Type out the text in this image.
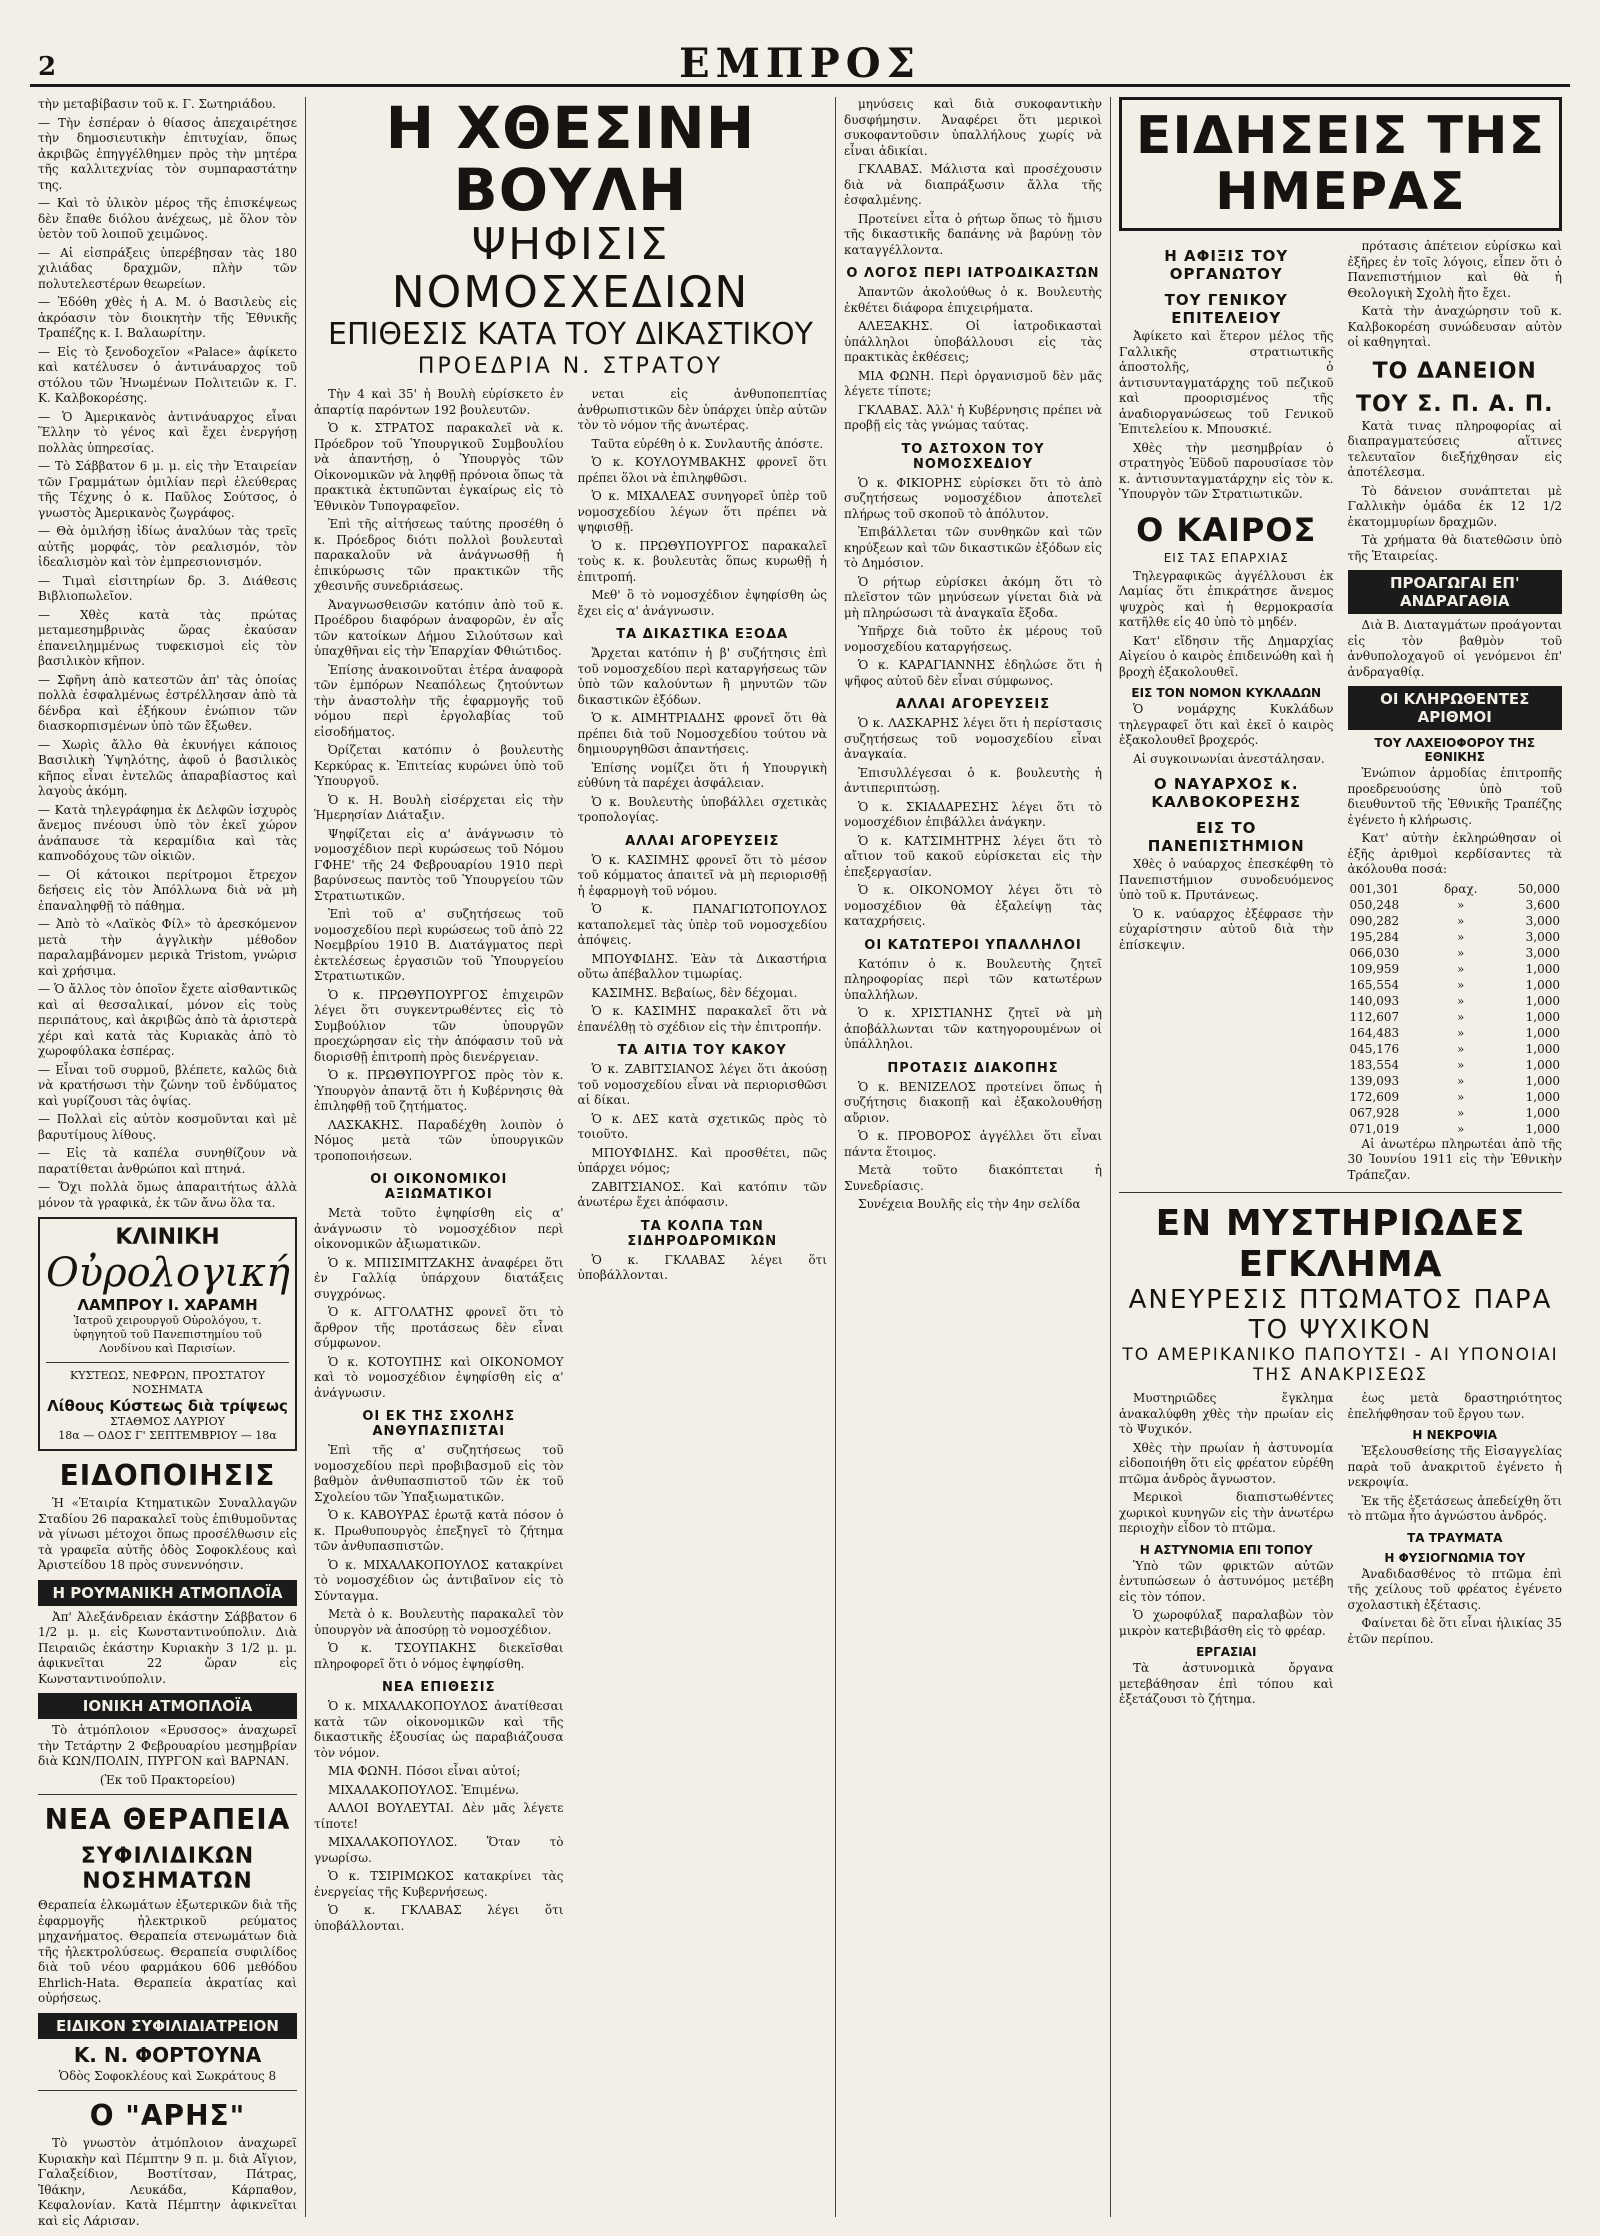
2	ΕΜΠΡΟΣ

τὴν μεταβίβασιν τοῦ κ. Γ. Σωτηριάδου.

— Τὴν ἑσπέραν ὁ θίασος ἀπεχαιρέτησε τὴν δημοσιευτικὴν ἐπιτυχίαν, ὅπως ἀκριβῶς ἐπηγγέλθημεν πρὸς τὴν μητέρα τῆς καλλιτεχνίας τὸν συμπαραστάτην της.

— Καὶ τὸ ὑλικὸν μέρος τῆς ἐπισκέψεως δὲν ἔπαθε διόλου ἀνέχεως, μὲ ὅλον τὸν ὑετὸν τοῦ λοιποῦ χειμῶνος.

— Αἱ εἰσπράξεις ὑπερέβησαν τὰς 180 χιλιάδας δραχμῶν, πλὴν τῶν πολυτελεστέρων θεωρείων.

— Ἐδόθη χθὲς ἡ Α. Μ. ὁ Βασιλεὺς εἰς ἀκρόασιν τὸν διοικητὴν τῆς Ἐθνικῆς Τραπέζης κ. Ι. Βαλαωρίτην.

— Εἰς τὸ ξενοδοχεῖον «Palace» ἀφίκετο καὶ κατέλυσεν ὁ ἀντινάυαρχος τοῦ στόλου τῶν Ἡνωμένων Πολιτειῶν κ. Γ. Κ. Καλβοκορέσης.

— Ὁ Ἀμερικανὸς ἀντινάυαρχος εἶναι Ἕλλην τὸ γένος καὶ ἔχει ἐνεργήσῃ πολλὰς ὑπηρεσίας.

— Τὸ Σάββατον 6 μ. μ. εἰς τὴν Ἑταιρείαν τῶν Γραμμάτων ὁμιλίαν περὶ ἐλεύθερας τῆς Τέχνης ὁ κ. Παῦλος Σούτσος, ὁ γνωστὸς Ἀμερικανὸς ζωγράφος.

— Θὰ ὁμιλήσῃ ἰδίως ἀναλύων τὰς τρεῖς αὐτῆς μορφάς, τὸν ρεαλισμόν, τὸν ἰδεαλισμὸν καὶ τὸν ἐμπρεσιονισμόν.

— Τιμαὶ εἰσιτηρίων δρ. 3. Διάθεσις Βιβλιοπωλεῖον.

— Χθὲς κατὰ τὰς πρώτας μεταμεσημβρινὰς ὥρας ἐκαύσαν ἐπανειλημμένως τυφεκισμοὶ εἰς τὸν βασιλικὸν κῆπον.

— Σφῆνη ἀπὸ κατεστῶν ἀπ' τὰς ὁποίας πολλὰ ἐσφαλμένως ἐστρέλλησαν ἀπὸ τὰ δένδρα καὶ ἐξήκουν ἐνώπιον τῶν διασκορπισμένων ὑπὸ τῶν ἔξωθεν.

— Χωρὶς ἄλλο θὰ ἐκυνήγει κάποιος Βασιλικὴ Ὑψηλότης, ἀφοῦ ὁ βασιλικὸς κῆπος εἶναι ἐντελῶς ἀπαραβίαστος καὶ λαγοὺς ἀκόμη.

— Κατὰ τηλεγράφημα ἐκ Δελφῶν ἰσχυρὸς ἄνεμος πνέουσι ὑπὸ τὸν ἐκεῖ χώρον ἀνάπαυσε τὰ κεραμίδια καὶ τὰς καπνοδόχους τῶν οἰκιῶν.

— Οἱ κάτοικοι περίτρομοι ἔτρεχον δεήσεις εἰς τὸν Ἀπόλλωνα διὰ νὰ μὴ ἐπαναληφθῇ τὸ πάθημα.

— Ἀπὸ τὸ «Λαϊκὸς Φίλ» τὸ ἀρεσκόμενον μετὰ τὴν ἀγγλικὴν μέθοδον παραλαμβάνομεν μερικὰ Tristom, γνώρισ καὶ χρήσιμα.

— Ὁ ἄλλος τὸν ὁποῖον ἔχετε αἰσθαντικῶς καὶ αἱ θεσσαλικαί, μόνον εἰς τοὺς περιπάτους, καὶ ἀκριβῶς ἀπὸ τὰ ἀριστερὰ χέρι καὶ κατὰ τὰς Κυριακὰς ἀπὸ τὸ χωροφύλακα ἐσπέρας.

— Εἶναι τοῦ συρμοῦ, βλέπετε, καλῶς διὰ νὰ κρατήσωσι τὴν ζώνην τοῦ ἐνδύματος καὶ γυρίζουσι τὰς ὀψίας.

— Πολλαὶ εἰς αὐτὸν κοσμοῦνται καὶ μὲ βαρυτίμους λίθους.

— Εἰς τὰ καπέλα συνηθίζουν νὰ παρατίθεται ἀνθρώποι καὶ πτηνά.

— Ὅχι πολλὰ ὅμως ἀπαραιτήτως ἀλλὰ μόνον τὰ γραφικὰ, ἐκ τῶν ἄνω ὅλα τα.

ΚΛΙΝΙΚΗ
Οὐρολογική
ΛΑΜΠΡΟΥ Ι. ΧΑΡΑΜΗ
Ἰατροῦ χειρουργοῦ Οὐρολόγου, τ. ὑφηγητοῦ τοῦ Πανεπιστημίου τοῦ Λονδίνου καὶ Παρισίων.
ΚΥΣΤΕΩΣ, ΝΕΦΡΩΝ, ΠΡΟΣΤΑΤΟΥ ΝΟΣΗΜΑΤΑ
Λίθους Κύστεως διὰ τρίψεως
ΣΤΑΘΜΟΣ ΛΑΥΡΙΟΥ
18α — ΟΔΟΣ Γ' ΣΕΠΤΕΜΒΡΙΟΥ — 18α
ΕΙΔΟΠΟΙΗΣΙΣ

Ἡ «Ἑταιρία Κτηματικῶν Συναλλαγῶν Σταδίου 26 παρακαλεῖ τοὺς ἐπιθυμοῦντας νὰ γίνωσι μέτοχοι ὅπως προσέλθωσιν εἰς τὰ γραφεῖα αὐτῆς ὁδὸς Σοφοκλέους καὶ Ἀριστείδου 18 πρὸς συνεννόησιν.

Η ΡΟΥΜΑΝΙΚΗ ΑΤΜΟΠΛΟΪΑ

Ἀπ' Ἀλεξάνδρειαν ἑκάστην Σάββατον 6 1/2 μ. μ. εἰς Κωνσταντινούπολιν. Διὰ Πειραιῶς ἑκάστην Κυριακὴν 3 1/2 μ. μ. ἀφικνεῖται 22 ὥραν εἰς Κωνσταντινούπολιν.

ΙΟΝΙΚΗ ΑΤΜΟΠΛΟΪΑ

Τὸ ἀτμόπλοιον «Ερυσσος» ἀναχωρεῖ τὴν Τετάρτην 2 Φεβρουαρίου μεσημβρίαν διὰ ΚΩΝ/ΠΟΛΙΝ, ΠΥΡΓΟΝ καὶ ΒΑΡΝΑΝ.

(Ἐκ τοῦ Πρακτορείου)

ΝΕΑ ΘΕΡΑΠΕΙΑ
ΣΥΦΙΛΙΔΙΚΩΝ ΝΟΣΗΜΑΤΩΝ

Θεραπεία ἑλκωμάτων ἐξωτερικῶν διὰ τῆς ἐφαρμογῆς ἠλεκτρικοῦ ρεύματος μηχανήματος. Θεραπεία στενωμάτων διὰ τῆς ἠλεκτρολύσεως. Θεραπεία συφιλίδος διὰ τοῦ νέου φαρμάκου 606 μεθόδου Ehrlich-Hata. Θεραπεία ἀκρατίας καὶ οὐρήσεως.

ΕΙΔΙΚΟΝ ΣΥΦΙΛΙΔΙΑΤΡΕΙΟΝ
Κ. Ν. ΦΟΡΤΟΥΝΑ

Ὁδὸς Σοφοκλέους καὶ Σωκράτους 8

Ο "ΑΡΗΣ"

Τὸ γνωστὸν ἀτμόπλοιον ἀναχωρεῖ Κυριακὴν καὶ Πέμπτην 9 π. μ. διὰ Αἴγιον, Γαλαξείδιον, Βοστίτσαν, Πάτρας, Ἰθάκην, Λευκάδα, Κάρπαθον, Κεφαλονίαν. Κατὰ Πέμπτην ἀφικνεῖται καὶ εἰς Λάρισαν.

Η ΧΘΕΣΙΝΗ ΒΟΥΛΗ
ΨΗΦΙΣΙΣ ΝΟΜΟΣΧΕΔΙΩΝ
ΕΠΙΘΕΣΙΣ ΚΑΤΑ ΤΟΥ ΔΙΚΑΣΤΙΚΟΥ
ΠΡΟΕΔΡΙΑ Ν. ΣΤΡΑΤΟΥ

Τὴν 4 καὶ 35' ἡ Βουλὴ εὑρίσκετο ἐν ἀπαρτίᾳ παρόντων 192 βουλευτῶν.

Ὁ κ. ΣΤΡΑΤΟΣ παρακαλεῖ νὰ κ. Πρόεδρον τοῦ Ὑπουργικοῦ Συμβουλίου νὰ ἀπαντήσῃ, ὁ Ὑπουργὸς τῶν Οἰκονομικῶν νὰ ληφθῇ πρόνοια ὅπως τὰ πρακτικὰ ἐκτυπῶνται ἐγκαίρως εἰς τὸ Ἐθνικὸν Τυπογραφεῖον.

Ἐπὶ τῆς αἰτήσεως ταύτης προσέθη ὁ κ. Πρόεδρος διότι πολλοὶ βουλευταὶ παρακαλοῦν νὰ ἀνάγνωσθῇ ἡ ἐπικύρωσις τῶν πρακτικῶν τῆς χθεσινῆς συνεδριάσεως.

Ἀναγνωσθεισῶν κατόπιν ἀπὸ τοῦ κ. Προέδρου διαφόρων ἀναφορῶν, ἐν αἷς τῶν κατοίκων Δήμου Σιλούτσων καὶ ὑπαχθῆναι εἰς τὴν Ἐπαρχίαν Φθιώτιδος.

Ἐπίσης ἀνακοινοῦται ἑτέρα ἀναφορὰ τῶν ἐμπόρων Νεαπόλεως ζητούντων τὴν ἀναστολὴν τῆς ἐφαρμογῆς τοῦ νόμου περὶ ἐργολαβίας τοῦ εἰσοδήματος.

Ὀρίζεται κατόπιν ὁ βουλευτὴς Κερκύρας κ. Ἐπιτείας κυρώνει ὑπὸ τοῦ Ὑπουργοῦ.

Ὁ κ. Η. Βουλὴ εἰσέρχεται εἰς τὴν Ἡμερησίαν Διάταξιν.

Ψηφίζεται εἰς α' ἀνάγνωσιν τὸ νομοσχέδιον περὶ κυρώσεως τοῦ Νόμου ΓΦΗΕ' τῆς 24 Φεβρουαρίου 1910 περὶ βαρύνσεως παντὸς τοῦ Ὑπουργείου τῶν Στρατιωτικῶν.

Ἐπὶ τοῦ α' συζητήσεως τοῦ νομοσχεδίου περὶ κυρώσεως τοῦ ἀπὸ 22 Νοεμβρίου 1910 Β. Διατάγματος περὶ ἐκτελέσεως ἐργασιῶν τοῦ Ὑπουργείου Στρατιωτικῶν.

Ὁ κ. ΠΡΩΘΥΠΟΥΡΓΟΣ ἐπιχειρῶν λέγει ὅτι συγκεντρωθέντες εἰς τὸ Συμβούλιον τῶν ὑπουργῶν προεχώρησαν εἰς τὴν ἀπόφασιν τοῦ νὰ διορισθῇ ἐπιτροπὴ πρὸς διενέργειαν.

Ὁ κ. ΠΡΩΘΥΠΟΥΡΓΟΣ πρὸς τὸν κ. Ὑπουργὸν ἀπαντᾷ ὅτι ἡ Κυβέρνησις θὰ ἐπιληφθῇ τοῦ ζητήματος.

ΛΑΣΚΑΚΗΣ. Παραδέχθη λοιπὸν ὁ Νόμος μετὰ τῶν ὑπουργικῶν τροποποιήσεων.

ΟΙ ΟΙΚΟΝΟΜΙΚΟΙ ΑΞΙΩΜΑΤΙΚΟΙ

Μετὰ τοῦτο ἐψηφίσθη εἰς α' ἀνάγνωσιν τὸ νομοσχέδιον περὶ οἰκονομικῶν ἀξιωματικῶν.

Ὁ κ. ΜΠΙΣΙΜΙΤΖΑΚΗΣ ἀναφέρει ὅτι ἐν Γαλλίᾳ ὑπάρχουν διατάξεις συγχρόνως.

Ὁ κ. ΑΓΓΟΛΑΤΗΣ φρονεῖ ὅτι τὸ ἄρθρον τῆς προτάσεως δὲν εἶναι σύμφωνον.

Ὁ κ. ΚΟΤΟΥΠΗΣ καὶ ΟΙΚΟΝΟΜΟΥ καὶ τὸ νομοσχέδιον ἐψηφίσθη εἰς α' ἀνάγνωσιν.

ΟΙ ΕΚ ΤΗΣ ΣΧΟΛΗΣ ΑΝΘΥΠΑΣΠΙΣΤΑΙ

Ἐπὶ τῆς α' συζητήσεως τοῦ νομοσχεδίου περὶ προβιβασμοῦ εἰς τὸν βαθμὸν ἀνθυπασπιστοῦ τῶν ἐκ τοῦ Σχολείου τῶν Ὑπαξιωματικῶν.

Ὁ κ. ΚΑΒΟΥΡΑΣ ἐρωτᾷ κατὰ πόσον ὁ κ. Πρωθυπουργὸς ἐπεξηγεῖ τὸ ζήτημα τῶν ἀνθυπασπιστῶν.

Ὁ κ. ΜΙΧΑΛΑΚΟΠΟΥΛΟΣ κατακρίνει τὸ νομοσχέδιον ὡς ἀντιβαῖνον εἰς τὸ Σύνταγμα.

Μετὰ ὁ κ. Βουλευτὴς παρακαλεῖ τὸν ὑπουργὸν νὰ ἀποσύρῃ τὸ νομοσχέδιον.

Ὁ κ. ΤΣΟΥΠΑΚΗΣ διεκεῖσθαι πληροφορεῖ ὅτι ὁ νόμος ἐψηφίσθη.

ΝΕΑ ΕΠΙΘΕΣΙΣ

Ὁ κ. ΜΙΧΑΛΑΚΟΠΟΥΛΟΣ ἀνατίθεσαι κατὰ τῶν οἰκονομικῶν καὶ τῆς δικαστικῆς ἐξουσίας ὡς παραβιάζουσα τὸν νόμον.

ΜΙΑ ΦΩΝΗ. Πόσοι εἶναι αὐτοί;

ΜΙΧΑΛΑΚΟΠΟΥΛΟΣ. Ἐπιμένω.

ΑΛΛΟΙ ΒΟΥΛΕΥΤΑΙ. Δὲν μᾶς λέγετε τίποτε!

ΜΙΧΑΛΑΚΟΠΟΥΛΟΣ. Ὅταν τὸ γνωρίσω.

Ὁ κ. ΤΣΙΡΙΜΩΚΟΣ κατακρίνει τὰς ἐνεργείας τῆς Κυβερνήσεως.

Ὁ κ. ΓΚΛΑΒΑΣ λέγει ὅτι ὑποβάλλονται.

νεται εἰς ἀνθυποπεπτίας ἀνθρωπιστικῶν δὲν ὑπάρχει ὑπὲρ αὐτῶν τὸν τὸ νόμον τῆς ἀνωτέρας.

Ταῦτα εὑρέθη ὁ κ. Συνλαυτῆς ἀπόστε.

Ὁ κ. ΚΟΥΛΟΥΜΒΑΚΗΣ φρονεῖ ὅτι πρέπει ὅλοι νὰ ἐπιληφθῶσι.

Ὁ κ. ΜΙΧΑΛΕΑΣ συνηγορεῖ ὑπὲρ τοῦ νομοσχεδίου λέγων ὅτι πρέπει νὰ ψηφισθῇ.

Ὁ κ. ΠΡΩΘΥΠΟΥΡΓΟΣ παρακαλεῖ τοὺς κ. κ. βουλευτὰς ὅπως κυρωθῇ ἡ ἐπιτροπή.

Μεθ' ὃ τὸ νομοσχέδιον ἐψηφίσθη ὡς ἔχει εἰς α' ἀνάγνωσιν.

ΤΑ ΔΙΚΑΣΤΙΚΑ ΕΞΟΔΑ

Ἄρχεται κατόπιν ἡ β' συζήτησις ἐπὶ τοῦ νομοσχεδίου περὶ καταργήσεως τῶν ὑπὸ τῶν καλούντων ἢ μηνυτῶν τῶν δικαστικῶν ἐξόδων.

Ὁ κ. ΑΙΜΗΤΡΙΑΔΗΣ φρονεῖ ὅτι θὰ πρέπει διὰ τοῦ Νομοσχεδίου τούτου νὰ δημιουργηθῶσι ἀπαντήσεις.

Ἐπίσης νομίζει ὅτι ἡ Υπουργικὴ εὐθύνη τὰ παρέχει ἀσφάλειαν.

Ὁ κ. Βουλευτὴς ὑποβάλλει σχετικὰς τροπολογίας.

ΑΛΛΑΙ ΑΓΟΡΕΥΣΕΙΣ

Ὁ κ. ΚΑΣΙΜΗΣ φρονεῖ ὅτι τὸ μέσον τοῦ κόμματος ἀπαιτεῖ νὰ μὴ περιορισθῇ ἡ ἐφαρμογὴ τοῦ νόμου.

Ὁ κ. ΠΑΝΑΓΙΩΤΟΠΟΥΛΟΣ καταπολεμεῖ τὰς ὑπὲρ τοῦ νομοσχεδίου ἀπόψεις.

ΜΠΟΥΦΙΔΗΣ. Ἐὰν τὰ Δικαστήρια οὕτω ἀπέβαλλον τιμωρίας.

ΚΑΣΙΜΗΣ. Βεβαίως, δὲν δέχομαι.

Ὁ κ. ΚΑΣΙΜΗΣ παρακαλεῖ ὅτι νὰ ἐπανέλθῃ τὸ σχέδιον εἰς τὴν ἐπιτροπήν.

ΤΑ ΑΙΤΙΑ ΤΟΥ ΚΑΚΟΥ

Ὁ κ. ΖΑΒΙΤΣΙΑΝΟΣ λέγει ὅτι ἀκούσῃ τοῦ νομοσχεδίου εἶναι νὰ περιορισθῶσι αἱ δίκαι.

Ὁ κ. ΔΕΣ κατὰ σχετικῶς πρὸς τὸ τοιοῦτο.

ΜΠΟΥΦΙΔΗΣ. Καὶ προσθέτει, πῶς ὑπάρχει νόμος;

ΖΑΒΙΤΣΙΑΝΟΣ. Καὶ κατόπιν τῶν ἀνωτέρω ἔχει ἀπόφασιν.

ΤΑ ΚΟΛΠΑ ΤΩΝ ΣΙΔΗΡΟΔΡΟΜΙΚΩΝ

Ὁ κ. ΓΚΛΑΒΑΣ λέγει ὅτι ὑποβάλλονται.

μηνύσεις καὶ διὰ συκοφαντικὴν δυσφήμησιν. Ἀναφέρει ὅτι μερικοὶ συκοφαντοῦσιν ὑπαλλήλους χωρίς νὰ εἶναι ἀδικίαι.

ΓΚΛΑΒΑΣ. Μάλιστα καὶ προσέχουσιν διὰ νὰ διαπράξωσιν ἄλλα τῆς ἐσφαλμένης.

Προτείνει εἶτα ὁ ρήτωρ ὅπως τὸ ἥμισυ τῆς δικαστικῆς δαπάνης νὰ βαρύνῃ τὸν καταγγέλλοντα.

Ο ΛΟΓΟΣ ΠΕΡΙ ΙΑΤΡΟΔΙΚΑΣΤΩΝ

Ἀπαντῶν ἀκολούθως ὁ κ. Βουλευτὴς ἐκθέτει διάφορα ἐπιχειρήματα.

ΑΛΕΞΑΚΗΣ. Οἱ ἰατροδικασταὶ ὑπάλληλοι ὑποβάλλουσι εἰς τὰς πρακτικὰς ἐκθέσεις;

ΜΙΑ ΦΩΝΗ. Περὶ ὀργανισμοῦ δὲν μᾶς λέγετε τίποτε;

ΓΚΛΑΒΑΣ. Ἀλλ' ἡ Κυβέρνησις πρέπει νὰ προβῇ εἰς τὰς γνώμας ταύτας.

ΤΟ ΑΣΤΟΧΟΝ ΤΟΥ ΝΟΜΟΣΧΕΔΙΟΥ

Ὁ κ. ΦΙΚΙΟΡΗΣ εὑρίσκει ὅτι τὸ ἀπὸ συζητήσεως νομοσχέδιον ἀποτελεῖ πλήρως τοῦ σκοποῦ τὸ ἀπόλυτον.

Ἐπιβάλλεται τῶν συνθηκῶν καὶ τῶν κηρύξεων καὶ τῶν δικαστικῶν ἐξόδων εἰς τὸ Δημόσιον.

Ὁ ρήτωρ εὑρίσκει ἀκόμη ὅτι τὸ πλεῖστον τῶν μηνύσεων γίνεται διὰ νὰ μὴ πληρώσωσι τὰ ἀναγκαῖα ἔξοδα.

Ὑπῆρχε διὰ τοῦτο ἐκ μέρους τοῦ νομοσχεδίου καταργήσεως.

Ὁ κ. ΚΑΡΑΓΙΑΝΝΗΣ ἐδηλώσε ὅτι ἡ ψῆφος αὐτοῦ δὲν εἶναι σύμφωνος.

ΑΛΛΑΙ ΑΓΟΡΕΥΣΕΙΣ

Ὁ κ. ΛΑΣΚΑΡΗΣ λέγει ὅτι ἡ περίστασις συζητήσεως τοῦ νομοσχεδίου εἶναι ἀναγκαία.

Ἐπισυλλέγεσαι ὁ κ. βουλευτὴς ἡ ἀντιπεριπτώσῃ.

Ὁ κ. ΣΚΙΑΔΑΡΕΣΗΣ λέγει ὅτι τὸ νομοσχέδιον ἐπιβάλλει ἀνάγκην.

Ὁ κ. ΚΑΤΣΙΜΗΤΡΗΣ λέγει ὅτι τὸ αἴτιον τοῦ κακοῦ εὑρίσκεται εἰς τὴν ἐπεξεργασίαν.

Ὁ κ. ΟΙΚΟΝΟΜΟΥ λέγει ὅτι τὸ νομοσχέδιον θὰ ἐξαλείψῃ τὰς καταχρήσεις.

ΟΙ ΚΑΤΩΤΕΡΟΙ ΥΠΑΛΛΗΛΟΙ

Κατόπιν ὁ κ. Βουλευτὴς ζητεῖ πληροφορίας περὶ τῶν κατωτέρων ὑπαλλήλων.

Ὁ κ. ΧΡΙΣΤΙΑΝΗΣ ζητεῖ νὰ μὴ ἀποβάλλωνται τῶν κατηγορουμένων οἱ ὑπάλληλοι.

ΠΡΟΤΑΣΙΣ ΔΙΑΚΟΠΗΣ

Ὁ κ. ΒΕΝΙΖΕΛΟΣ προτείνει ὅπως ἡ συζήτησις διακοπῇ καὶ ἐξακολουθήσῃ αὔριον.

Ὁ κ. ΠΡΟΒΟΡΟΣ ἀγγέλλει ὅτι εἶναι πάντα ἕτοιμος.

Μετὰ τοῦτο διακόπτεται ἡ Συνεδρίασις.

Συνέχεια Βουλῆς εἰς τὴν 4ην σελίδα

ΕΙΔΗΣΕΙΣ ΤΗΣ ΗΜΕΡΑΣ
Η ΑΦΙΞΙΣ ΤΟΥ ΟΡΓΑΝΩΤΟΥ
ΤΟΥ ΓΕΝΙΚΟΥ ΕΠΙΤΕΛΕΙΟΥ

Ἀφίκετο καὶ ἕτερον μέλος τῆς Γαλλικῆς στρατιωτικῆς ἀποστολῆς, ὁ ἀντισυνταγματάρχης τοῦ πεζικοῦ καὶ προορισμένος τῆς ἀναδιοργανώσεως τοῦ Γενικοῦ Ἐπιτελείου κ. Μπουσκιέ.

Χθὲς τὴν μεσημβρίαν ὁ στρατηγὸς Ἐϋδοῦ παρουσίασε τὸν κ. ἀντισυνταγματάρχην εἰς τὸν κ. Ὑπουργὸν τῶν Στρατιωτικῶν.

Ο ΚΑΙΡΟΣ
ΕΙΣ ΤΑΣ ΕΠΑΡΧΙΑΣ

Τηλεγραφικῶς ἀγγέλλουσι ἐκ Λαμίας ὅτι ἐπικράτησε ἄνεμος ψυχρὸς καὶ ἡ θερμοκρασία κατῆλθε εἰς 40 ὑπὸ τὸ μηδέν.

Κατ' εἴδησιν τῆς Δημαρχίας Αἰγείου ὁ καιρὸς ἐπιδεινώθη καὶ ἡ βροχὴ ἐξακολουθεῖ.

ΕΙΣ ΤΟΝ ΝΟΜΟΝ ΚΥΚΛΑΔΩΝ

Ὁ νομάρχης Κυκλάδων τηλεγραφεῖ ὅτι καὶ ἐκεῖ ὁ καιρὸς ἐξακολουθεῖ βροχερός.

Αἱ συγκοινωνίαι ἀνεστάλησαν.

Ο ΝΑΥΑΡΧΟΣ κ. ΚΑΛΒΟΚΟΡΕΣΗΣ
ΕΙΣ ΤΟ ΠΑΝΕΠΙΣΤΗΜΙΟΝ

Χθὲς ὁ ναύαρχος ἐπεσκέφθη τὸ Πανεπιστήμιον συνοδευόμενος ὑπὸ τοῦ κ. Πρυτάνεως.

Ὁ κ. ναύαρχος ἐξέφρασε τὴν εὐχαρίστησιν αὐτοῦ διὰ τὴν ἐπίσκεψιν.

πρότασις ἀπέτειον εὑρίσκω καὶ ἐξῆρες ἐν τοῖς λόγοις, εἶπεν ὅτι ὁ Πανεπιστήμιον καὶ θὰ ἡ Θεολογικὴ Σχολὴ ἤτο ἔχει.

Κατὰ τὴν ἀναχώρησιν τοῦ κ. Καλβοκορέση συνώδευσαν αὐτὸν οἱ καθηγηταὶ.

ΤΟ ΔΑΝΕΙΟΝ
ΤΟΥ Σ. Π. Α. Π.

Κατὰ τινας πληροφορίας αἱ διαπραγματεύσεις αἵτινες τελευταῖον διεξήχθησαν εἰς ἀποτέλεσμα.

Τὸ δάνειον συνάπτεται μὲ Γαλλικὴν ὁμάδα ἐκ 12 1/2 ἑκατομμυρίων δραχμῶν.

Τὰ χρήματα θὰ διατεθῶσιν ὑπὸ τῆς Ἑταιρείας.

ΠΡΟΑΓΩΓΑΙ ΕΠ' ΑΝΔΡΑΓΑΘΙΑ

Διὰ Β. Διαταγμάτων προάγονται εἰς τὸν βαθμὸν τοῦ ἀνθυπολοχαγοῦ οἱ γενόμενοι ἐπ' ἀνδραγαθίᾳ.

ΟΙ ΚΛΗΡΩΘΕΝΤΕΣ ΑΡΙΘΜΟΙ
ΤΟΥ ΛΑΧΕΙΟΦΟΡΟΥ ΤΗΣ ΕΘΝΙΚΗΣ

Ἐνώπιον ἁρμοδίας ἐπιτροπῆς προεδρευούσης ὑπὸ τοῦ διευθυντοῦ τῆς Ἐθνικῆς Τραπέζης ἐγένετο ἡ κλήρωσις.

Κατ' αὐτὴν ἐκληρώθησαν οἱ ἑξῆς ἀριθμοὶ κερδίσαντες τὰ ἀκόλουθα ποσά:

001,301	δραχ.	50,000
050,248	»	3,600
090,282	»	3,000
195,284	»	3,000
066,030	»	3,000
109,959	»	1,000
165,554	»	1,000
140,093	»	1,000
112,607	»	1,000
164,483	»	1,000
045,176	»	1,000
183,554	»	1,000
139,093	»	1,000
172,609	»	1,000
067,928	»	1,000
071,019	»	1,000

Αἱ ἀνωτέρω πληρωτέαι ἀπὸ τῆς 30 Ἰουνίου 1911 εἰς τὴν Ἐθνικὴν Τράπεζαν.

ΕΝ ΜΥΣΤΗΡΙΩΔΕΣ ΕΓΚΛΗΜΑ
ΑΝΕΥΡΕΣΙΣ ΠΤΩΜΑΤΟΣ ΠΑΡΑ ΤΟ ΨΥΧΙΚΟΝ
ΤΟ ΑΜΕΡΙΚΑΝΙΚΟ ΠΑΠΟΥΤΣΙ - ΑΙ ΥΠΟΝΟΙΑΙ ΤΗΣ ΑΝΑΚΡΙΣΕΩΣ

Μυστηριῶδες ἔγκλημα ἀνακαλύφθη χθὲς τὴν πρωίαν εἰς τὸ Ψυχικόν.

Χθὲς τὴν πρωίαν ἡ ἀστυνομία εἰδοποιήθη ὅτι εἰς φρέατον εὑρέθη πτῶμα ἀνδρὸς ἄγνωστον.

Μερικοὶ διαπιστωθέντες χωρικοὶ κυνηγῶν εἰς τὴν ἀνωτέρω περιοχὴν εἶδον τὸ πτῶμα.

Η ΑΣΤΥΝΟΜΙΑ ΕΠΙ ΤΟΠΟΥ

Ὑπὸ τῶν φρικτῶν αὐτῶν ἐντυπώσεων ὁ ἀστυνόμος μετέβη εἰς τὸν τόπον.

Ὁ χωροφύλαξ παραλαβὼν τὸν μικρὸν κατεβιβάσθη εἰς τὸ φρέαρ.

ΕΡΓΑΣΙΑΙ

Τὰ ἀστυνομικὰ ὄργανα μετεβάθησαν ἐπὶ τόπου καὶ ἐξετάζουσι τὸ ζήτημα.

ἐως μετὰ δραστηριότητος ἐπελήφθησαν τοῦ ἔργου των.

Η ΝΕΚΡΟΨΙΑ

Ἐξελουσθείσης τῆς Εἰσαγγελίας παρὰ τοῦ ἀνακριτοῦ ἐγένετο ἡ νεκροψία.

Ἐκ τῆς ἐξετάσεως ἀπεδείχθη ὅτι τὸ πτῶμα ἦτο ἀγνώστου ἀνδρός.

ΤΑ ΤΡΑΥΜΑΤΑ
Η ΦΥΣΙΟΓΝΩΜΙΑ ΤΟΥ

Ἀναδιδασθένος τὸ πτῶμα ἐπὶ τῆς χείλους τοῦ φρέατος ἐγένετο σχολαστικὴ ἐξέτασις.

Φαίνεται δὲ ὅτι εἶναι ἡλικίας 35 ἐτῶν περίπου.
